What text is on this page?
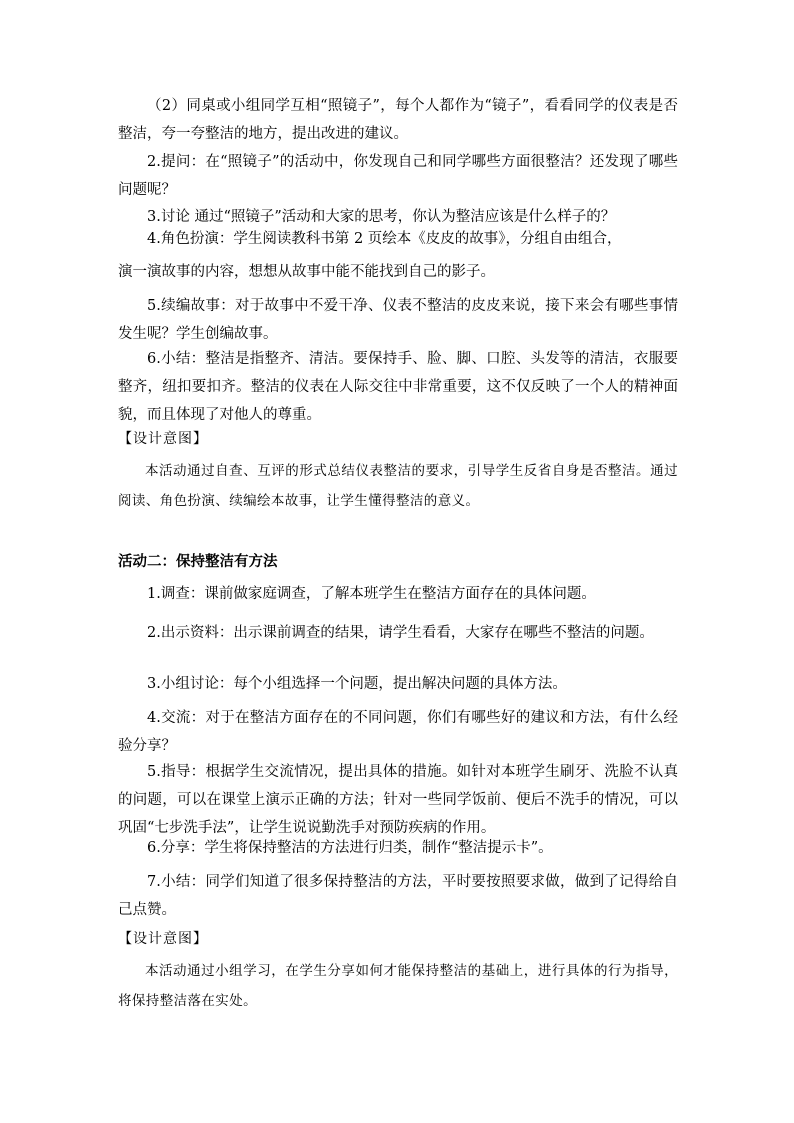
（2）同桌或小组同学互相“照镜子”，每个人都作为“镜子”，看看同学的仪表是否整洁，夸一夸整洁的地方，提出改进的建议。

2.提问：在“照镜子”的活动中，你发现自己和同学哪些方面很整洁？还发现了哪些问题呢？

3.讨论 通过“照镜子”活动和大家的思考，你认为整洁应该是什么样子的？

4.角色扮演：学生阅读教科书第 2 页绘本《皮皮的故事》，分组自由组合，

演一演故事的内容，想想从故事中能不能找到自己的影子。

5.续编故事：对于故事中不爱干净、仪表不整洁的皮皮来说，接下来会有哪些事情发生呢？学生创编故事。

6.小结：整洁是指整齐、清洁。要保持手、脸、脚、口腔、头发等的清洁，衣服要整齐，纽扣要扣齐。整洁的仪表在人际交往中非常重要，这不仅反映了一个人的精神面貌，而且体现了对他人的尊重。

【设计意图】

本活动通过自查、互评的形式总结仪表整洁的要求，引导学生反省自身是否整洁。通过阅读、角色扮演、续编绘本故事，让学生懂得整洁的意义。

活动二：保持整洁有方法

1.调查：课前做家庭调查，了解本班学生在整洁方面存在的具体问题。

2.出示资料：出示课前调查的结果，请学生看看，大家存在哪些不整洁的问题。

3.小组讨论：每个小组选择一个问题，提出解决问题的具体方法。

4.交流：对于在整洁方面存在的不同问题，你们有哪些好的建议和方法，有什么经验分享？

5.指导：根据学生交流情况，提出具体的措施。如针对本班学生刷牙、洗脸不认真的问题，可以在课堂上演示正确的方法；针对一些同学饭前、便后不洗手的情况，可以巩固“七步洗手法”，让学生说说勤洗手对预防疾病的作用。

6.分享：学生将保持整洁的方法进行归类，制作“整洁提示卡”。

7.小结：同学们知道了很多保持整洁的方法，平时要按照要求做，做到了记得给自己点赞。

【设计意图】

本活动通过小组学习，在学生分享如何才能保持整洁的基础上，进行具体的行为指导，将保持整洁落在实处。
